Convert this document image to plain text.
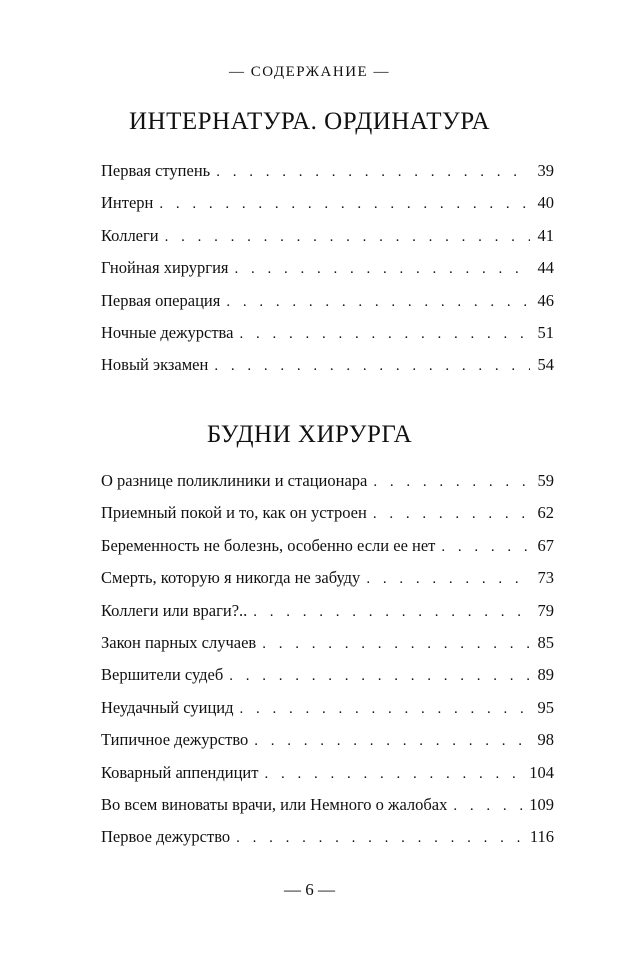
— СОДЕРЖАНИЕ —
ИНТЕРНАТУРА. ОРДИНАТУРА
Первая ступень . . .	39
Интерн . . .	40
Коллеги . . .	41
Гнойная хирургия . . .	44
Первая операция . . .	46
Ночные дежурства . . .	51
Новый экзамен . . .	54
БУДНИ ХИРУРГА
О разнице поликлиники и стационара . . .	59
Приемный покой и то, как он устроен . . .	62
Беременность не болезнь, особенно если ее нет . . .	67
Смерть, которую я никогда не забуду . . .	73
Коллеги или враги?.. . . .	79
Закон парных случаев . . .	85
Вершители судеб . . .	89
Неудачный суицид . . .	95
Типичное дежурство . . .	98
Коварный аппендицит . . .	104
Во всем виноваты врачи, или Немного о жалобах . . .	109
Первое дежурство . . .	116
— 6 —
